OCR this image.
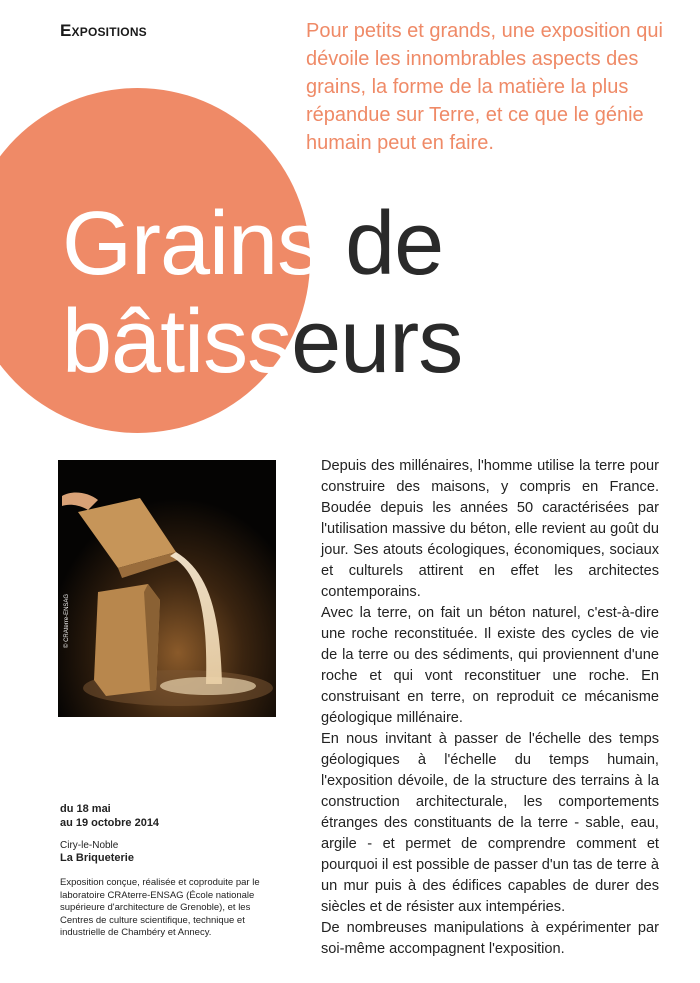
Expositions	Pour petits et grands, une exposition qui dévoile les innombrables aspects des grains, la forme de la matière la plus répandue sur Terre, et ce que le génie humain peut en faire.
Grains de
bâtisseurs
© CRAterre-ENSAG
du 18 mai
au 19 octobre 2014
Ciry-le-Noble
La Briqueterie
Exposition conçue, réalisée et coproduite par le laboratoire CRAterre-ENSAG (École nationale supérieure d'architecture de Grenoble), et les Centres de culture scientifique, technique et industrielle de Chambéry et Annecy.

Depuis des millénaires, l'homme utilise la terre pour construire des maisons, y compris en France. Boudée depuis les années 50 caractérisées par l'utilisation massive du béton, elle revient au goût du jour. Ses atouts écologiques, économiques, sociaux et culturels attirent en effet les architectes contemporains.

Avec la terre, on fait un béton naturel, c'est-à-dire une roche reconstituée. Il existe des cycles de vie de la terre ou des sédiments, qui proviennent d'une roche et qui vont reconstituer une roche. En construisant en terre, on reproduit ce mécanisme géologique millénaire.

En nous invitant à passer de l'échelle des temps géologiques à l'échelle du temps humain, l'exposition dévoile, de la structure des terrains à la construction architecturale, les comportements étranges des constituants de la terre - sable, eau, argile - et permet de comprendre comment et pourquoi il est possible de passer d'un tas de terre à un mur puis à des édifices capables de durer des siècles et de résister aux intempéries.

De nombreuses manipulations à expérimenter par soi-même accompagnent l'exposition.
